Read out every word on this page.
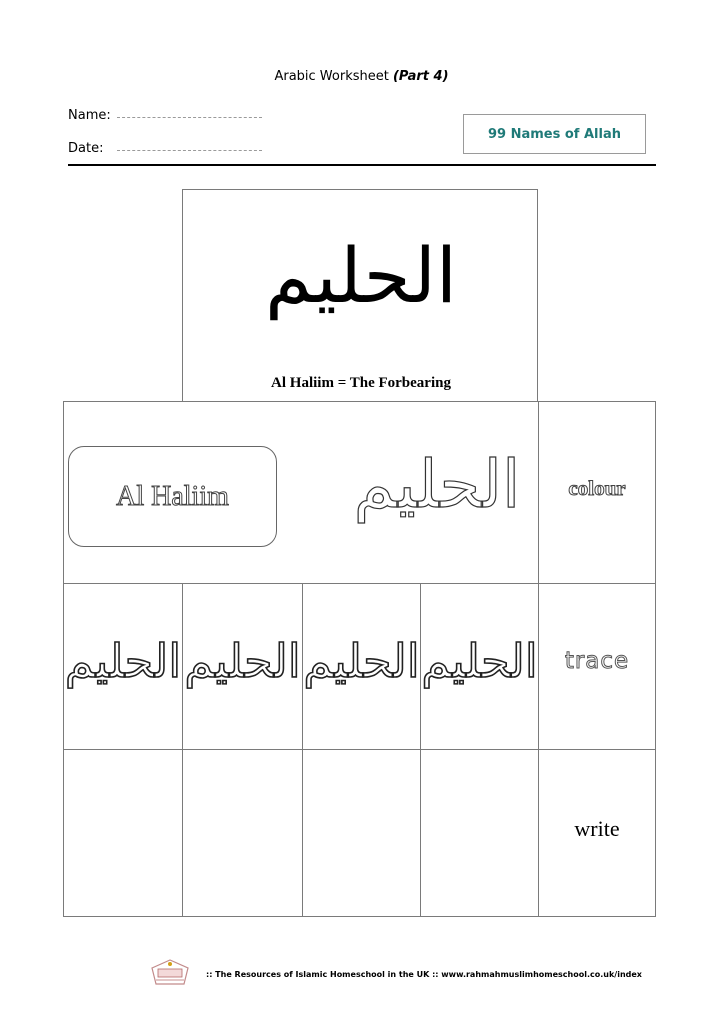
Arabic Worksheet (Part 4)
Name:
Date:
99 Names of Allah
الحليم
Al Haliim = The Forbearing
Al Haliim الحليم	colour
الحليم الحليم الحليم الحليم	trace
write
:: The Resources of Islamic Homeschool in the UK :: www.rahmahmuslimhomeschool.co.uk/index
